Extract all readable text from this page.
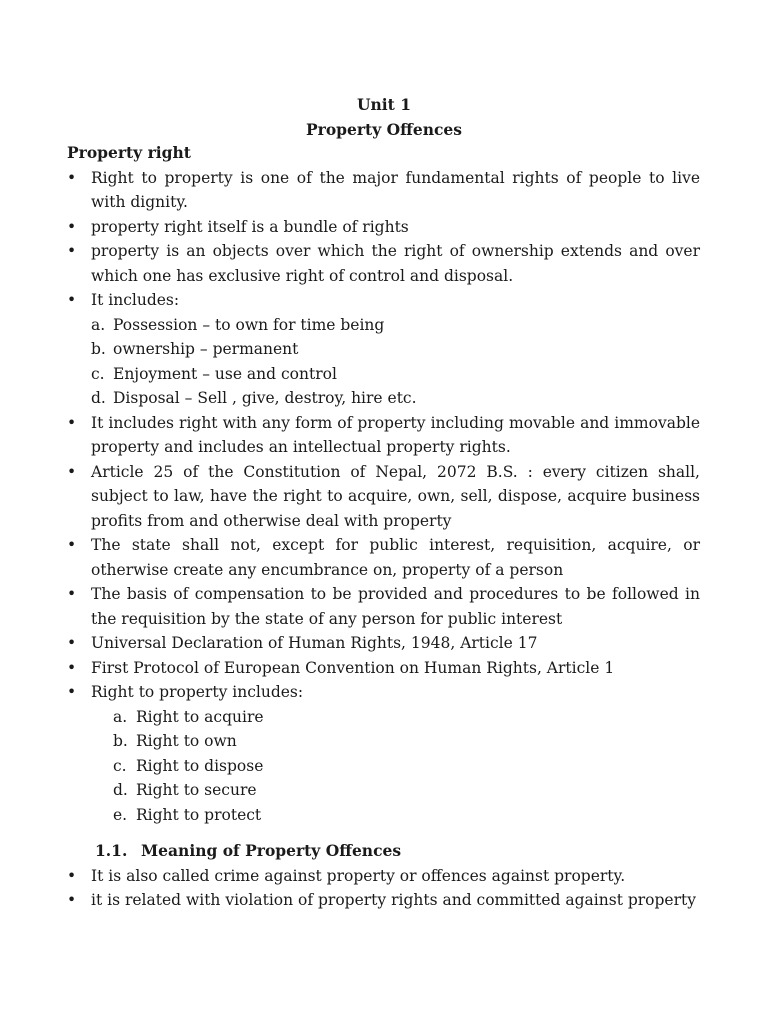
Unit 1
Property Offences
Property right
• Right to property is one of the major fundamental rights of people to live with dignity.
• property right itself is a bundle of rights
• property is an objects over which the right of ownership extends and over which one has exclusive right of control and disposal.
• It includes:
a. Possession – to own for time being
b. ownership – permanent
c. Enjoyment – use and control
d. Disposal – Sell , give, destroy, hire etc.
• It includes right with any form of property including movable and immovable property and includes an intellectual property rights.
• Article 25 of the Constitution of Nepal, 2072 B.S. : every citizen shall, subject to law, have the right to acquire, own, sell, dispose, acquire business profits from and otherwise deal with property
• The state shall not, except for public interest, requisition, acquire, or otherwise create any encumbrance on, property of a person
• The basis of compensation to be provided and procedures to be followed in the requisition by the state of any person for public interest
• Universal Declaration of Human Rights, 1948, Article 17
• First Protocol of European Convention on Human Rights, Article 1
• Right to property includes:
a. Right to acquire
b. Right to own
c. Right to dispose
d. Right to secure
e. Right to protect
1.1. Meaning of Property Offences
• It is also called crime against property or offences against property.
• it is related with violation of property rights and committed against property
